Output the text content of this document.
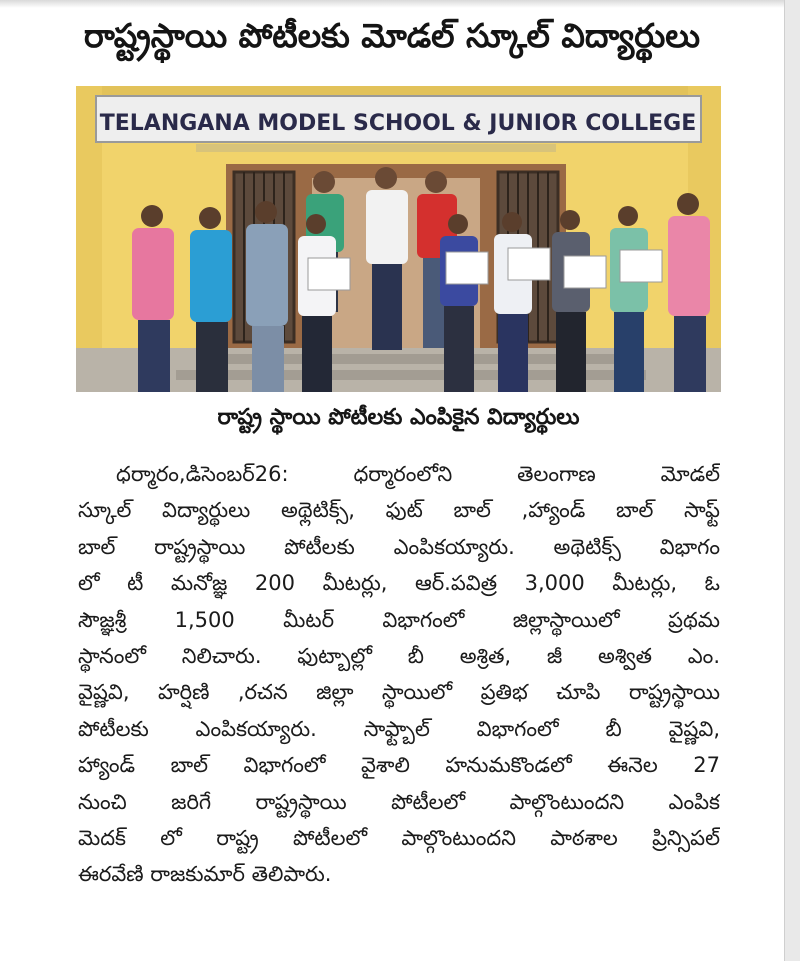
రాష్ట్రస్థాయి పోటీలకు మోడల్ స్కూల్ విద్యార్థులు
TELANGANA MODEL SCHOOL & JUNIOR COLLEGE
రాష్ట్ర స్థాయి పోటీలకు ఎంపికైన విద్యార్థులు
ధర్మారం,డిసెంబర్26: ధర్మారంలోని తెలంగాణ మోడల్
స్కూల్ విద్యార్థులు అథ్లెటిక్స్, ఫుట్ బాల్ ,హ్యాండ్ బాల్ సాఫ్ట్
బాల్ రాష్ట్రస్థాయి పోటీలకు ఎంపికయ్యారు. అథెటిక్స్ విభాగం
లో టీ మనోజ్ఞ 200 మీటర్లు, ఆర్.పవిత్ర 3,000 మీటర్లు, ఓ
సౌజ్ఞశ్రీ 1,500 మీటర్ విభాగంలో జిల్లాస్థాయిలో ప్రథమ
స్థానంలో నిలిచారు. ఫుట్బాల్లో బీ అశ్రిత, జీ అశ్విత ఎం.
వైష్ణవి, హర్షిణి ,రచన జిల్లా స్థాయిలో ప్రతిభ చూపి రాష్ట్రస్థాయి
పోటీలకు ఎంపికయ్యారు. సాఫ్ట్బాల్ విభాగంలో బీ వైష్ణవి,
హ్యాండ్ బాల్ విభాగంలో వైశాలి హనుమకొండలో ఈనెల 27
నుంచి జరిగే రాష్ట్రస్థాయి పోటీలలో పాల్గొంటుందని ఎంపిక
మెదక్ లో రాష్ట్ర పోటీలలో పాల్గొంటుందని పాఠశాల ప్రిన్సిపల్
ఈరవేణి రాజకుమార్ తెలిపారు.
